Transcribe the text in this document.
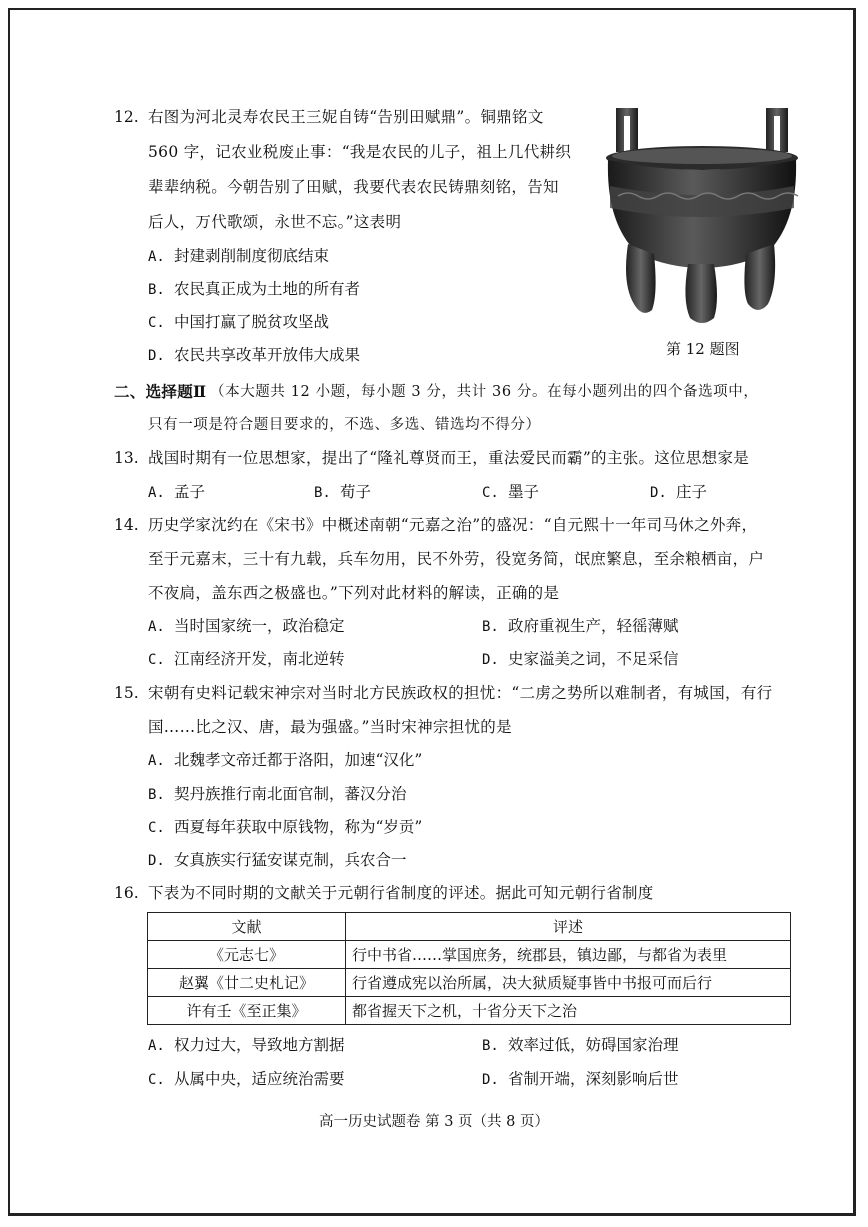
12. 右图为河北灵寿农民王三妮自铸“告别田赋鼎”。铜鼎铭文
560 字，记农业税废止事：“我是农民的儿子，祖上几代耕织
辈辈纳税。今朝告别了田赋，我要代表农民铸鼎刻铭，告知
后人，万代歌颂，永世不忘。”这表明
A. 封建剥削制度彻底结束
B. 农民真正成为土地的所有者
C. 中国打赢了脱贫攻坚战
D. 农民共享改革开放伟大成果	第 12 题图
二、选择题Ⅱ （本大题共 12 小题，每小题 3 分，共计 36 分。在每小题列出的四个备选项中，
只有一项是符合题目要求的，不选、多选、错选均不得分）
13. 战国时期有一位思想家，提出了“隆礼尊贤而王，重法爱民而霸”的主张。这位思想家是
A. 孟子	B. 荀子	C. 墨子	D. 庄子
14. 历史学家沈约在《宋书》中概述南朝“元嘉之治”的盛况：“自元熙十一年司马休之外奔，
至于元嘉末，三十有九载，兵车勿用，民不外劳，役宽务简，氓庶繁息，至余粮栖亩，户
不夜扃，盖东西之极盛也。”下列对此材料的解读，正确的是
A. 当时国家统一，政治稳定	B. 政府重视生产，轻徭薄赋
C. 江南经济开发，南北逆转	D. 史家溢美之词，不足采信
15. 宋朝有史料记载宋神宗对当时北方民族政权的担忧：“二虏之势所以难制者，有城国，有行
国……比之汉、唐，最为强盛。”当时宋神宗担忧的是
A. 北魏孝文帝迁都于洛阳，加速“汉化”
B. 契丹族推行南北面官制，蕃汉分治
C. 西夏每年获取中原钱物，称为“岁贡”
D. 女真族实行猛安谋克制，兵农合一
16. 下表为不同时期的文献关于元朝行省制度的评述。据此可知元朝行省制度
文献	评述
《元志七》	行中书省……掌国庶务，统郡县，镇边鄙，与都省为表里
赵翼《廿二史札记》	行省遵成宪以治所属，决大狱质疑事皆中书报可而后行
许有壬《至正集》	都省握天下之机，十省分天下之治
A. 权力过大，导致地方割据	B. 效率过低，妨碍国家治理
C. 从属中央，适应统治需要	D. 省制开端，深刻影响后世
高一历史试题卷 第 3 页（共 8 页）
